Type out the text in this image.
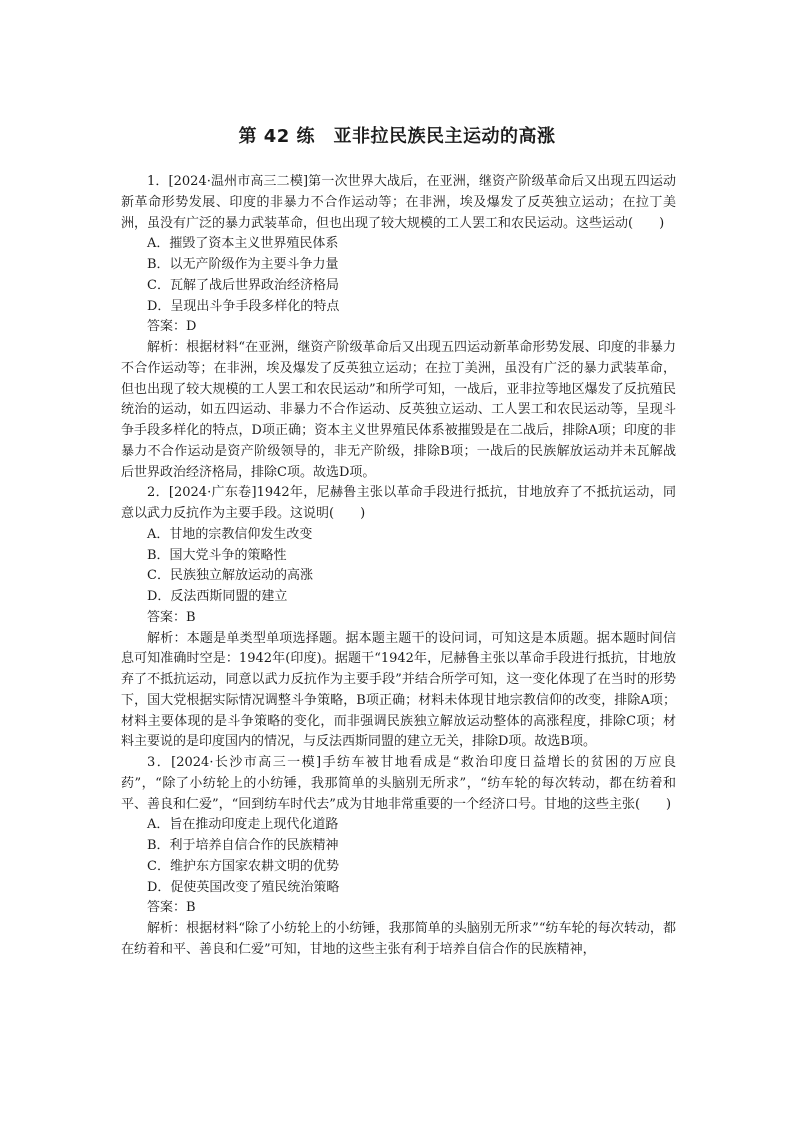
第 42 练　亚非拉民族民主运动的高涨

1．[2024·温州市高三二模]第一次世界大战后，在亚洲，继资产阶级革命后又出现五四运动新革命形势发展、印度的非暴力不合作运动等；在非洲，埃及爆发了反英独立运动；在拉丁美洲，虽没有广泛的暴力武装革命，但也出现了较大规模的工人罢工和农民运动。这些运动(　　)

A．摧毁了资本主义世界殖民体系

B．以无产阶级作为主要斗争力量

C．瓦解了战后世界政治经济格局

D．呈现出斗争手段多样化的特点

答案：D

解析：根据材料“在亚洲，继资产阶级革命后又出现五四运动新革命形势发展、印度的非暴力不合作运动等；在非洲，埃及爆发了反英独立运动；在拉丁美洲，虽没有广泛的暴力武装革命，但也出现了较大规模的工人罢工和农民运动”和所学可知，一战后，亚非拉等地区爆发了反抗殖民统治的运动，如五四运动、非暴力不合作运动、反英独立运动、工人罢工和农民运动等，呈现斗争手段多样化的特点，D项正确；资本主义世界殖民体系被摧毁是在二战后，排除A项；印度的非暴力不合作运动是资产阶级领导的，非无产阶级，排除B项；一战后的民族解放运动并未瓦解战后世界政治经济格局，排除C项。故选D项。

2．[2024·广东卷]1942年，尼赫鲁主张以革命手段进行抵抗，甘地放弃了不抵抗运动，同意以武力反抗作为主要手段。这说明(　　)

A．甘地的宗教信仰发生改变

B．国大党斗争的策略性

C．民族独立解放运动的高涨

D．反法西斯同盟的建立

答案：B

解析：本题是单类型单项选择题。据本题主题干的设问词，可知这是本质题。据本题时间信息可知准确时空是：1942年(印度)。据题干“1942年，尼赫鲁主张以革命手段进行抵抗，甘地放弃了不抵抗运动，同意以武力反抗作为主要手段”并结合所学可知，这一变化体现了在当时的形势下，国大党根据实际情况调整斗争策略，B项正确；材料未体现甘地宗教信仰的改变，排除A项；材料主要体现的是斗争策略的变化，而非强调民族独立解放运动整体的高涨程度，排除C项；材料主要说的是印度国内的情况，与反法西斯同盟的建立无关，排除D项。故选B项。

3．[2024·长沙市高三一模]手纺车被甘地看成是“救治印度日益增长的贫困的万应良药”，“除了小纺轮上的小纺锤，我那简单的头脑别无所求”，“纺车轮的每次转动，都在纺着和平、善良和仁爱”，“回到纺车时代去”成为甘地非常重要的一个经济口号。甘地的这些主张(　　)

A．旨在推动印度走上现代化道路

B．利于培养自信合作的民族精神

C．维护东方国家农耕文明的优势

D．促使英国改变了殖民统治策略

答案：B

解析：根据材料“除了小纺轮上的小纺锤，我那简单的头脑别无所求”“纺车轮的每次转动，都在纺着和平、善良和仁爱”可知，甘地的这些主张有利于培养自信合作的民族精神，
